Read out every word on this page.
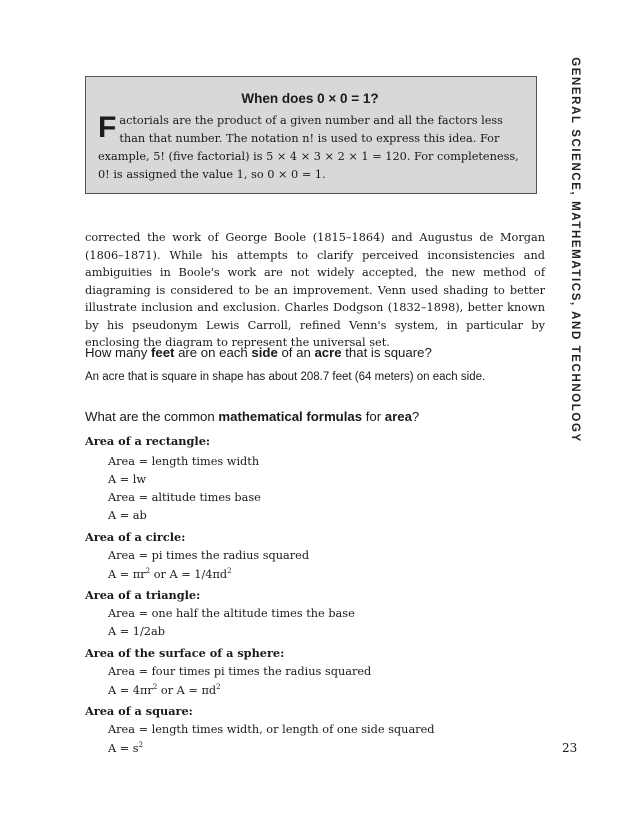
GENERAL SCIENCE, MATHEMATICS, AND TECHNOLOGY
When does 0 × 0 = 1?

Factorials are the product of a given number and all the factors less than that number. The notation n! is used to express this idea. For example, 5! (five factorial) is 5 × 4 × 3 × 2 × 1 = 120. For completeness, 0! is assigned the value 1, so 0 × 0 = 1.

corrected the work of George Boole (1815–1864) and Augustus de Morgan (1806–1871). While his attempts to clarify perceived inconsistencies and ambiguities in Boole's work are not widely accepted, the new method of diagraming is considered to be an improvement. Venn used shading to better illustrate inclusion and exclusion. Charles Dodgson (1832–1898), better known by his pseudonym Lewis Carroll, refined Venn's system, in particular by enclosing the diagram to represent the universal set.

How many feet are on each side of an acre that is square?

An acre that is square in shape has about 208.7 feet (64 meters) on each side.

What are the common mathematical formulas for area?

Area of a rectangle:

Area = length times width

A = lw

Area = altitude times base

A = ab

Area of a circle:

Area = pi times the radius squared

$A = \pi r^2$ or $A = 1/4\pi d^2$

Area of a triangle:

Area = one half the altitude times the base

A = 1/2ab

Area of the surface of a sphere:

Area = four times pi times the radius squared

$A = 4\pi r^2$ or $A = \pi d^2$

Area of a square:

Area = length times width, or length of one side squared

$A = s^2$	23
